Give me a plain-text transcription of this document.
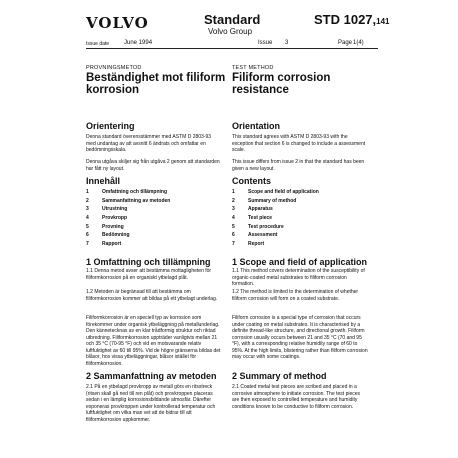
VOLVO	Standard
Volvo Group
STD 1027,141
Issue date June 1994	Issue 3	Page 1(4)
PROVNINGSMETOD
Beständighet mot filiform korrosion
Orientering
Denna standard överensstämmer med ASTM D 2803-93 med undantag av att avsnitt 6 ändrats och omfattar en bedömningsskala.
Denna utgåva skiljer sig från utgåva 2 genom att standarden har fått ny layout.
Innehåll
1	Omfattning och tillämpning
2	Sammanfattning av metoden
3	Utrustning
4	Provkropp
5	Provning
6	Bedömning
7	Rapport
1 Omfattning och tillämpning
1.1 Denna metod avser att bestämma mottagligheten för filiformkorrosion på en organiskt ytbelagd plåt.
1.2 Metoden är begränsad till att bestämma om filiformkorrosion kommer att bildas på ett ytbelagt underlag.
Filiformkorrosion är en speciell typ av korrosion som förekommer under organisk ytbeläggning på metallunderlag. Den kännetecknas av en klar trådformig struktur och riktad utbredning. Filiformkorrosion uppträder vanligtvis mellan 21 och 35 °C (70-95 °F) och vid en motsvarande relativ luftfuktighet av 60 till 95%. Vid de högre gränserna bildas det blåsor, hos vissa ytbeläggningar, blåsor istället för filiformkorrosion.
2 Sammanfattning av metoden
2.1 På en ytbelagd provkropp av metall görs en ritsstreck (ritsen skall gå ned till ren plåt) och provkroppen placeras sedan i en lämplig korrosionsbildande atmosfär. Därefter exponeras provkroppen under kontrollerad temperatur och luftfuktighet om vilka man vet att de bidrar till att filiformkorrosion uppkommer.
TEST METHOD
Filiform corrosion resistance
Orientation
This standard agrees with ASTM D 2803-93 with the exception that section 6 is changed to include a assessment scale.
This issue differs from issue 2 in that the standard has been given a new layout.
Contents
1	Scope and field of application
2	Summary of method
3	Apparatus
4	Test piece
5	Test procedure
6	Assessment
7	Report
1 Scope and field of application
1.1 This method covers determination of the susceptibility of organic-coated metal substrates to filiform corrosion formation.
1.2 The method is limited to the determination of whether filiform corrosion will form on a coated substrate.
Filiform corrosion is a special type of corrosion that occurs under coating on metal substrates. It is characterised by a definite thread-like structure, and directional growth. Filiform corrosion usually occurs between 21 and 35 °C (70 and 95 °F), with a corresponding relative humidity range of 60 to 95%. At the high limits, blistering rather than filiform corrosion may occur with some coatings.
2 Summary of method
2.1 Coated metal test pieces are scribed and placed in a corrosive atmosphere to initiate corrosion. The test pieces are then exposed to controlled temperature and humidity conditions known to be conductive to filiform corrosion.
